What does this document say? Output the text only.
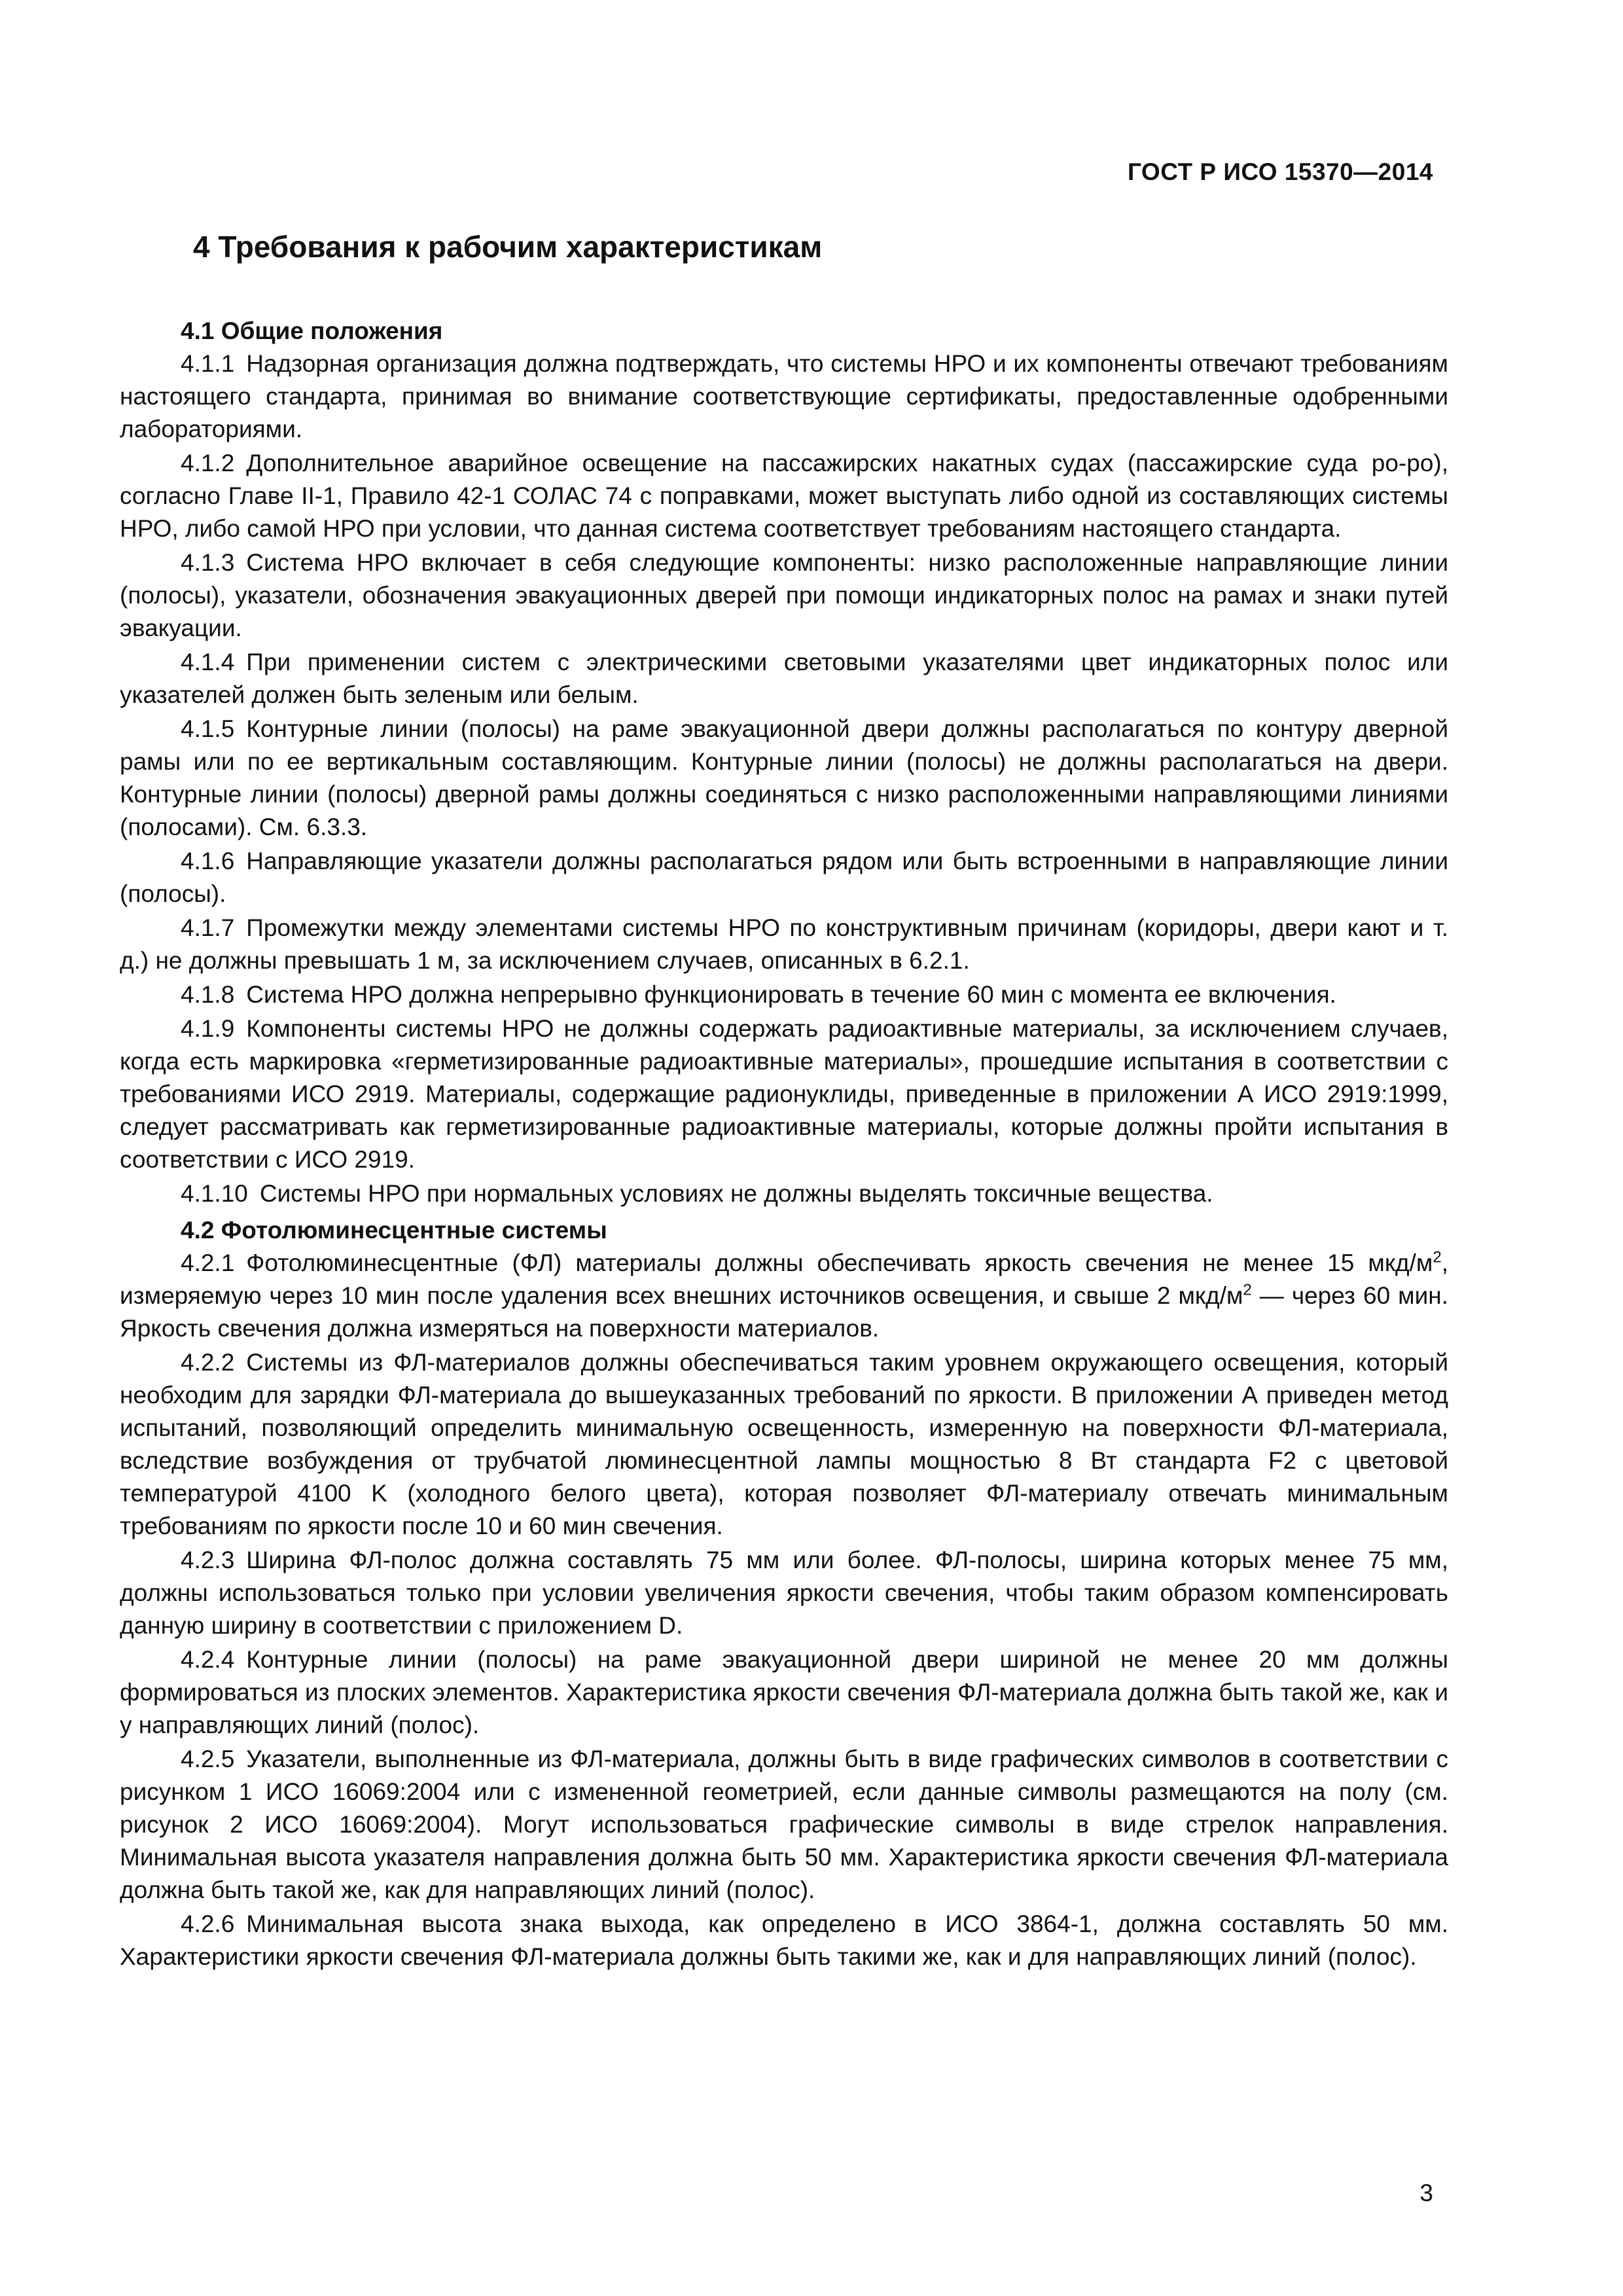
ГОСТ Р ИСО 15370—2014
4 Требования к рабочим характеристикам
4.1 Общие положения

4.1.1 Надзорная организация должна подтверждать, что системы НРО и их компоненты отвечают требованиям настоящего стандарта, принимая во внимание соответствующие сертификаты, предоставленные одобренными лабораториями.

4.1.2 Дополнительное аварийное освещение на пассажирских накатных судах (пассажирские суда ро-ро), согласно Главе II-1, Правило 42-1 СОЛАС 74 с поправками, может выступать либо одной из составляющих системы НРО, либо самой НРО при условии, что данная система соответствует требованиям настоящего стандарта.

4.1.3 Система НРО включает в себя следующие компоненты: низко расположенные направляющие линии (полосы), указатели, обозначения эвакуационных дверей при помощи индикаторных полос на рамах и знаки путей эвакуации.

4.1.4 При применении систем с электрическими световыми указателями цвет индикаторных полос или указателей должен быть зеленым или белым.

4.1.5 Контурные линии (полосы) на раме эвакуационной двери должны располагаться по контуру дверной рамы или по ее вертикальным составляющим. Контурные линии (полосы) не должны располагаться на двери. Контурные линии (полосы) дверной рамы должны соединяться с низко расположенными направляющими линиями (полосами). См. 6.3.3.

4.1.6 Направляющие указатели должны располагаться рядом или быть встроенными в направляющие линии (полосы).

4.1.7 Промежутки между элементами системы НРО по конструктивным причинам (коридоры, двери кают и т. д.) не должны превышать 1 м, за исключением случаев, описанных в 6.2.1.

4.1.8 Система НРО должна непрерывно функционировать в течение 60 мин с момента ее включения.

4.1.9 Компоненты системы НРО не должны содержать радиоактивные материалы, за исключением случаев, когда есть маркировка «герметизированные радиоактивные материалы», прошедшие испытания в соответствии с требованиями ИСО 2919. Материалы, содержащие радионуклиды, приведенные в приложении А ИСО 2919:1999, следует рассматривать как герметизированные радиоактивные материалы, которые должны пройти испытания в соответствии с ИСО 2919.

4.1.10 Системы НРО при нормальных условиях не должны выделять токсичные вещества.

4.2 Фотолюминесцентные системы

4.2.1 Фотолюминесцентные (ФЛ) материалы должны обеспечивать яркость свечения не менее 15 мкд/$м^2$, измеряемую через 10 мин после удаления всех внешних источников освещения, и свыше 2 мкд/$м^2$ — через 60 мин. Яркость свечения должна измеряться на поверхности материалов.

4.2.2 Системы из ФЛ-материалов должны обеспечиваться таким уровнем окружающего освещения, который необходим для зарядки ФЛ-материала до вышеуказанных требований по яркости. В приложении А приведен метод испытаний, позволяющий определить минимальную освещенность, измеренную на поверхности ФЛ-материала, вследствие возбуждения от трубчатой люминесцентной лампы мощностью 8 Вт стандарта F2 с цветовой температурой 4100 K (холодного белого цвета), которая позволяет ФЛ-материалу отвечать минимальным требованиям по яркости после 10 и 60 мин свечения.

4.2.3 Ширина ФЛ-полос должна составлять 75 мм или более. ФЛ-полосы, ширина которых менее 75 мм, должны использоваться только при условии увеличения яркости свечения, чтобы таким образом компенсировать данную ширину в соответствии с приложением D.

4.2.4 Контурные линии (полосы) на раме эвакуационной двери шириной не менее 20 мм должны формироваться из плоских элементов. Характеристика яркости свечения ФЛ-материала должна быть такой же, как и у направляющих линий (полос).

4.2.5 Указатели, выполненные из ФЛ-материала, должны быть в виде графических символов в соответствии с рисунком 1 ИСО 16069:2004 или с измененной геометрией, если данные символы размещаются на полу (см. рисунок 2 ИСО 16069:2004). Могут использоваться графические символы в виде стрелок направления. Минимальная высота указателя направления должна быть 50 мм. Характеристика яркости свечения ФЛ-материала должна быть такой же, как для направляющих линий (полос).

4.2.6 Минимальная высота знака выхода, как определено в ИСО 3864-1, должна составлять 50 мм. Характеристики яркости свечения ФЛ-материала должны быть такими же, как и для направляющих линий (полос).

3
